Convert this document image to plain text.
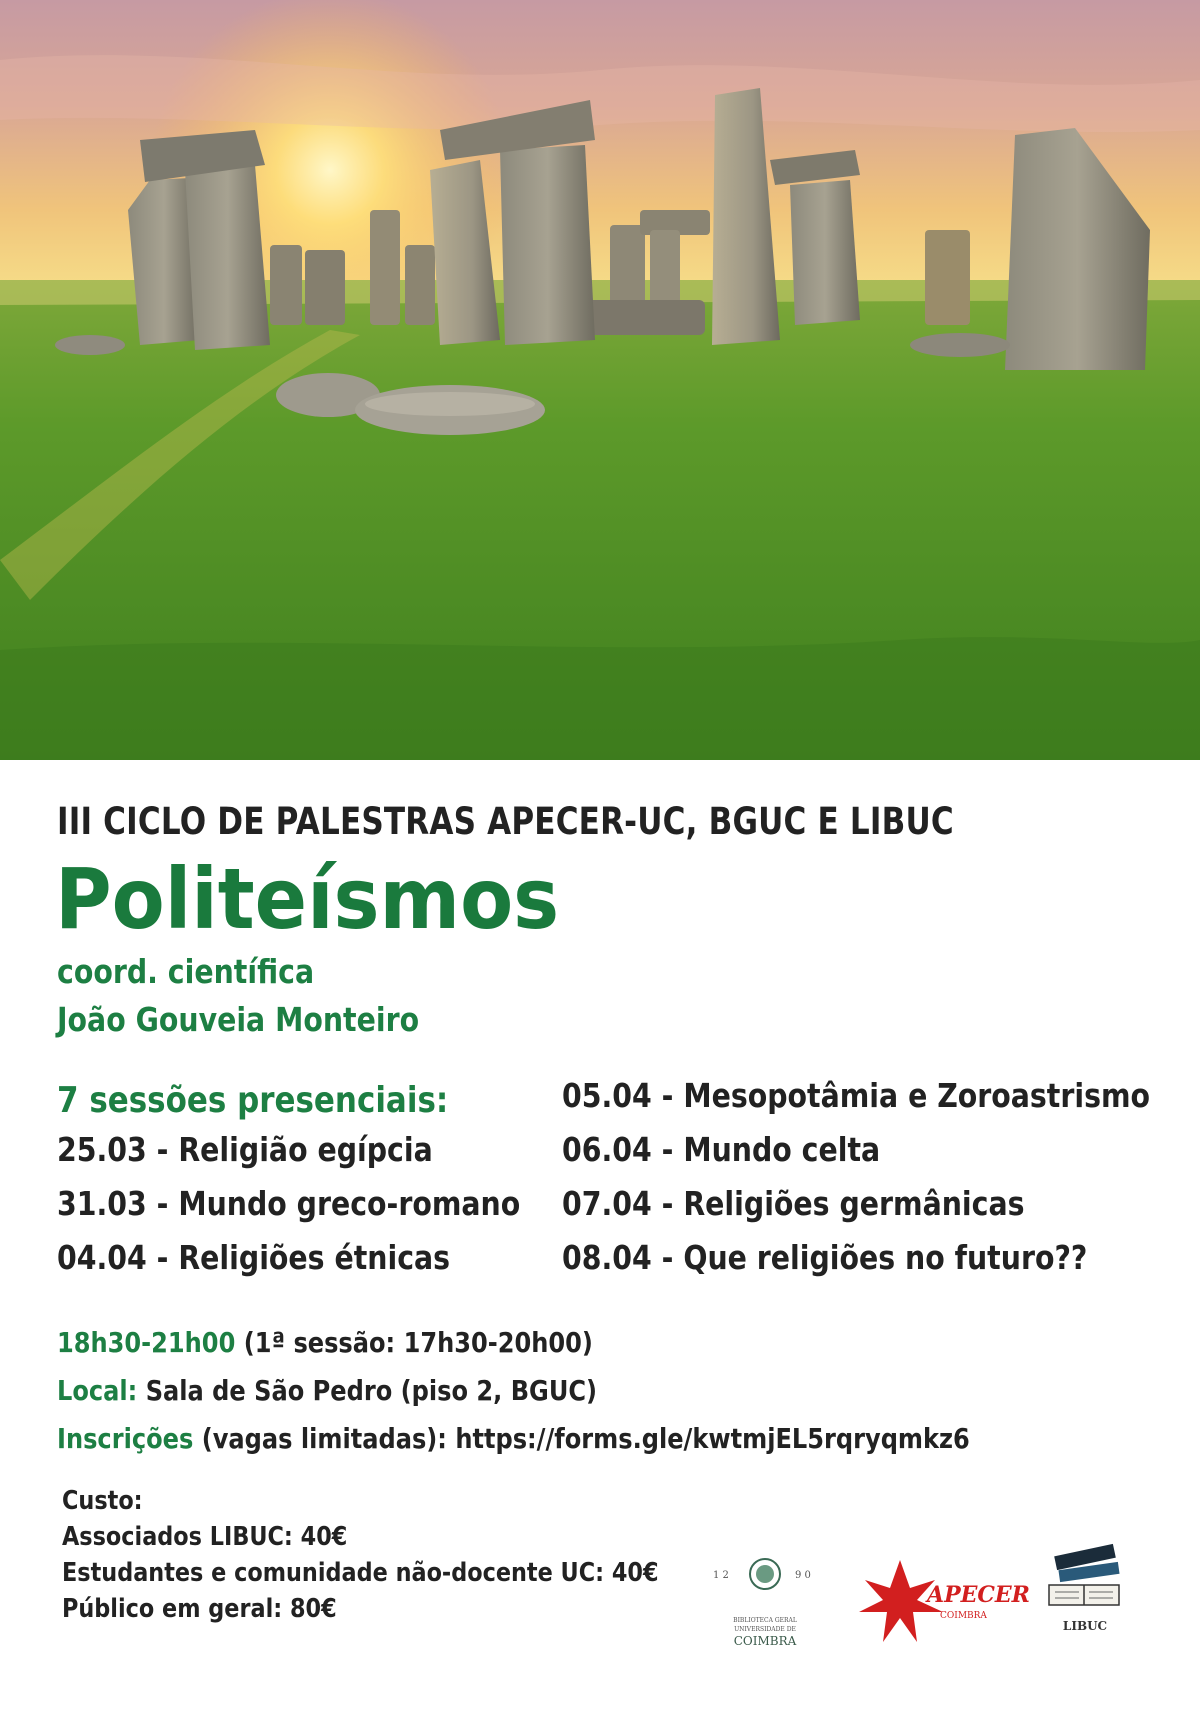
III CICLO DE PALESTRAS APECER-UC, BGUC E LIBUC
Politeísmos
coord. científica
João Gouveia Monteiro
7 sessões presenciais:
25.03 - Religião egípcia
31.03 - Mundo greco-romano
04.04 - Religiões étnicas
05.04 - Mesopotâmia e Zoroastrismo
06.04 - Mundo celta
07.04 - Religiões germânicas
08.04 - Que religiões no futuro??
18h30-21h00 (1ª sessão: 17h30-20h00)
Local: Sala de São Pedro (piso 2, BGUC)
Inscrições (vagas limitadas): https://forms.gle/kwtmjEL5rqryqmkz6
Custo:
Associados LIBUC: 40€
Estudantes e comunidade não-docente UC: 40€
Público em geral: 80€
1 2	9 0
BIBLIOTECA GERAL
UNIVERSIDADE DE
COIMBRA
APECER
COIMBRA
LIBUC
